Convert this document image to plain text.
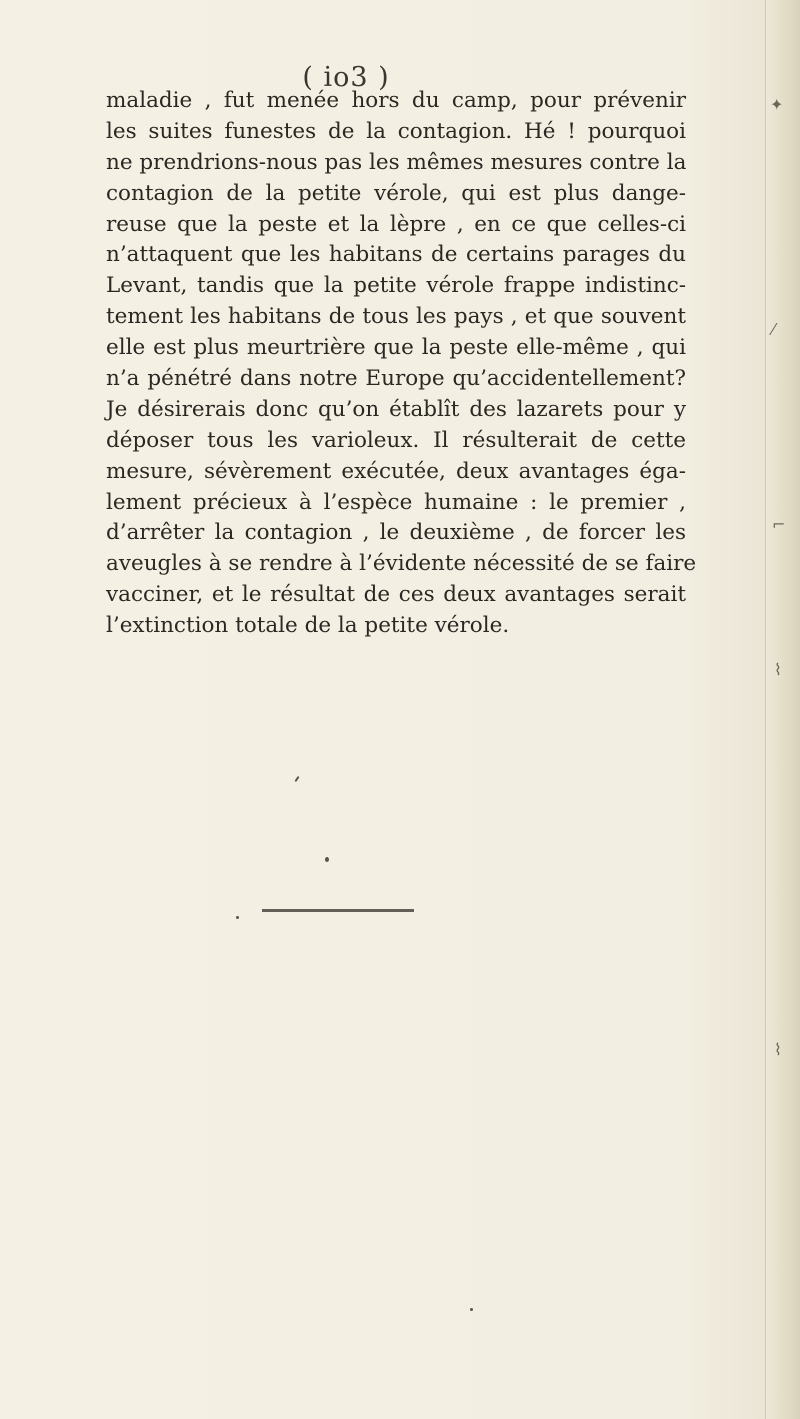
( io3 )
maladie , fut menée hors du camp, pour prévenir
les suites funestes de la contagion. Hé ! pourquoi
ne prendrions-nous pas les mêmes mesures contre la
contagion de la petite vérole, qui est plus dange-
reuse que la peste et la lèpre , en ce que celles-ci
n’attaquent que les habitans de certains parages du
Levant, tandis que la petite vérole frappe indistinc-
tement les habitans de tous les pays , et que souvent
elle est plus meurtrière que la peste elle-même , qui
n’a pénétré dans notre Europe qu’accidentellement?
Je désirerais donc qu’on établît des lazarets pour y
déposer tous les varioleux. Il résulterait de cette
mesure, sévèrement exécutée, deux avantages éga-
lement précieux à l’espèce humaine : le premier ,
d’arrêter la contagion , le deuxième , de forcer les
aveugles à se rendre à l’évidente nécessité de se faire
vacciner, et le résultat de ces deux avantages serait
l’extinction totale de la petite vérole.
✦
⁄
⌐
⌇
⌇
